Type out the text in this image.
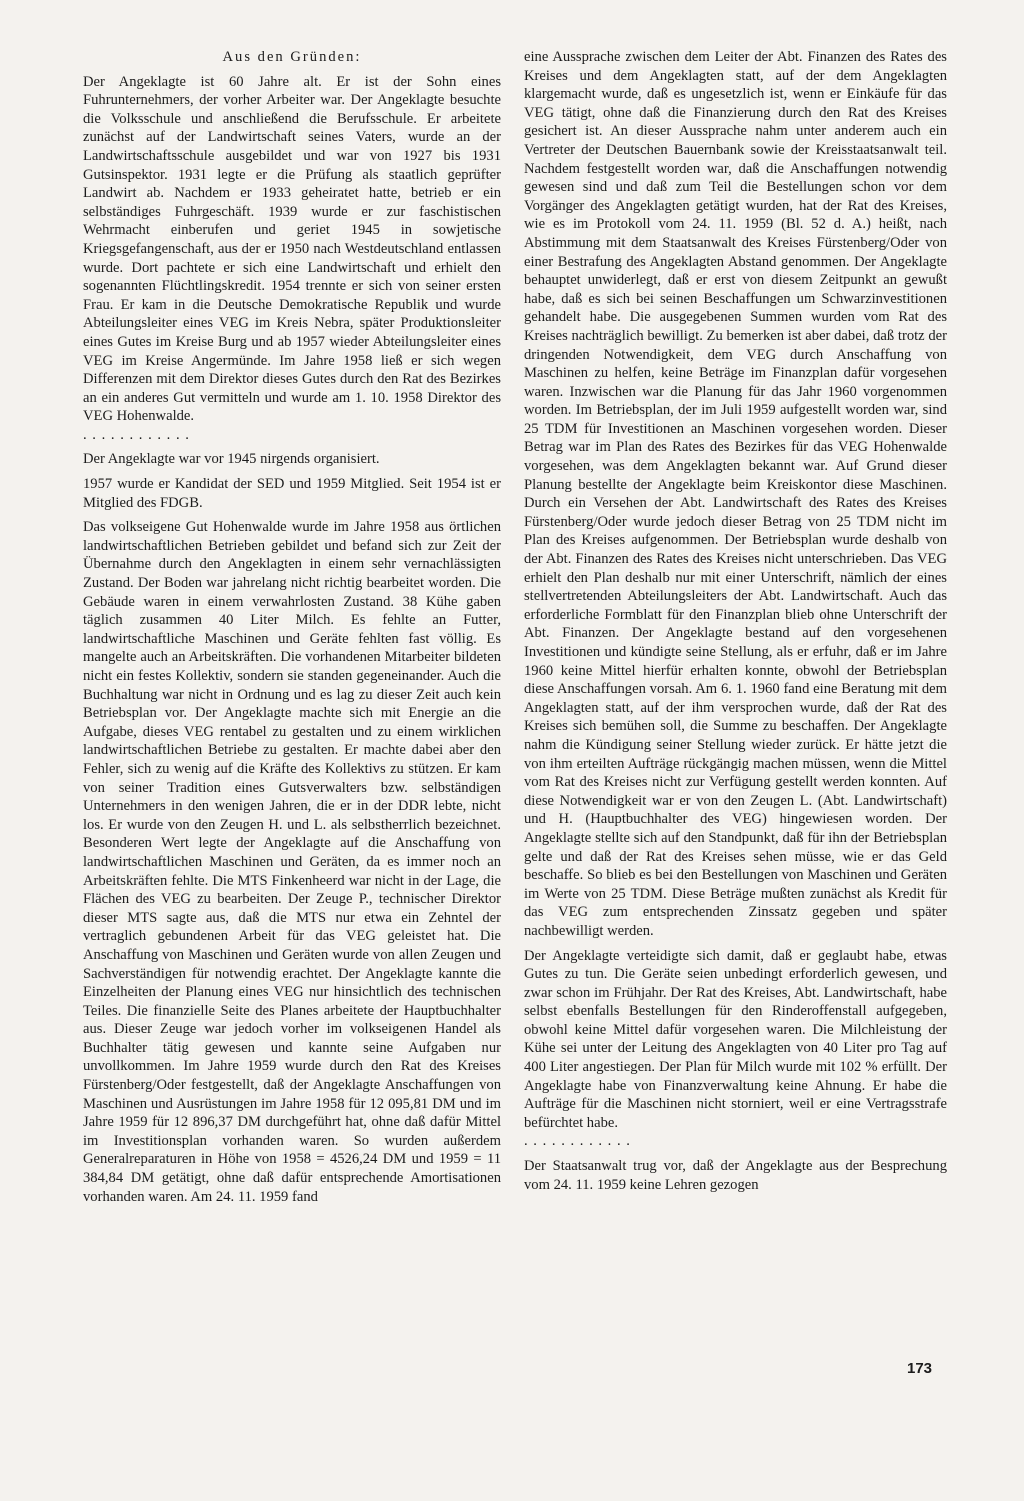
Aus den Gründen:

Der Angeklagte ist 60 Jahre alt. Er ist der Sohn eines Fuhrunternehmers, der vorher Arbeiter war. Der Angeklagte besuchte die Volksschule und anschließend die Berufsschule. Er arbeitete zunächst auf der Landwirtschaft seines Vaters, wurde an der Landwirtschaftsschule ausgebildet und war von 1927 bis 1931 Gutsinspektor. 1931 legte er die Prüfung als staatlich geprüfter Landwirt ab. Nachdem er 1933 geheiratet hatte, betrieb er ein selbständiges Fuhrgeschäft. 1939 wurde er zur faschistischen Wehrmacht einberufen und geriet 1945 in sowjetische Kriegsgefangenschaft, aus der er 1950 nach Westdeutschland entlassen wurde. Dort pachtete er sich eine Landwirtschaft und erhielt den sogenannten Flüchtlingskredit. 1954 trennte er sich von seiner ersten Frau. Er kam in die Deutsche Demokratische Republik und wurde Abteilungsleiter eines VEG im Kreis Nebra, später Produktionsleiter eines Gutes im Kreise Burg und ab 1957 wieder Abteilungsleiter eines VEG im Kreise Angermünde. Im Jahre 1958 ließ er sich wegen Differenzen mit dem Direktor dieses Gutes durch den Rat des Bezirkes an ein anderes Gut vermitteln und wurde am 1. 10. 1958 Direktor des VEG Hohenwalde.

. . . . . . . . . . . .

Der Angeklagte war vor 1945 nirgends organisiert.

1957 wurde er Kandidat der SED und 1959 Mitglied. Seit 1954 ist er Mitglied des FDGB.

Das volkseigene Gut Hohenwalde wurde im Jahre 1958 aus örtlichen landwirtschaftlichen Betrieben gebildet und befand sich zur Zeit der Übernahme durch den Angeklagten in einem sehr vernachlässigten Zustand. Der Boden war jahrelang nicht richtig bearbeitet worden. Die Gebäude waren in einem verwahrlosten Zustand. 38 Kühe gaben täglich zusammen 40 Liter Milch. Es fehlte an Futter, landwirtschaftliche Maschinen und Geräte fehlten fast völlig. Es mangelte auch an Arbeitskräften. Die vorhandenen Mitarbeiter bildeten nicht ein festes Kollektiv, sondern sie standen gegeneinander. Auch die Buchhaltung war nicht in Ordnung und es lag zu dieser Zeit auch kein Betriebsplan vor. Der Angeklagte machte sich mit Energie an die Aufgabe, dieses VEG rentabel zu gestalten und zu einem wirklichen landwirtschaftlichen Betriebe zu gestalten. Er machte dabei aber den Fehler, sich zu wenig auf die Kräfte des Kollektivs zu stützen. Er kam von seiner Tradition eines Gutsverwalters bzw. selbständigen Unternehmers in den wenigen Jahren, die er in der DDR lebte, nicht los. Er wurde von den Zeugen H. und L. als selbstherrlich bezeichnet. Besonderen Wert legte der Angeklagte auf die Anschaffung von landwirtschaftlichen Maschinen und Geräten, da es immer noch an Arbeitskräften fehlte. Die MTS Finkenheerd war nicht in der Lage, die Flächen des VEG zu bearbeiten. Der Zeuge P., technischer Direktor dieser MTS sagte aus, daß die MTS nur etwa ein Zehntel der vertraglich gebundenen Arbeit für das VEG geleistet hat. Die Anschaffung von Maschinen und Geräten wurde von allen Zeugen und Sachverständigen für notwendig erachtet. Der Angeklagte kannte die Einzelheiten der Planung eines VEG nur hinsichtlich des technischen Teiles. Die finanzielle Seite des Planes arbeitete der Hauptbuchhalter aus. Dieser Zeuge war jedoch vorher im volkseigenen Handel als Buchhalter tätig gewesen und kannte seine Aufgaben nur unvollkommen. Im Jahre 1959 wurde durch den Rat des Kreises Fürstenberg/Oder festgestellt, daß der Angeklagte Anschaffungen von Maschinen und Ausrüstungen im Jahre 1958 für 12 095,81 DM und im Jahre 1959 für 12 896,37 DM durchgeführt hat, ohne daß dafür Mittel im Investitionsplan vorhanden waren. So wurden außerdem Generalreparaturen in Höhe von 1958 = 4526,24 DM und 1959 = 11 384,84 DM getätigt, ohne daß dafür entsprechende Amortisationen vorhanden waren. Am 24. 11. 1959 fand

eine Aussprache zwischen dem Leiter der Abt. Finanzen des Rates des Kreises und dem Angeklagten statt, auf der dem Angeklagten klargemacht wurde, daß es ungesetzlich ist, wenn er Einkäufe für das VEG tätigt, ohne daß die Finanzierung durch den Rat des Kreises gesichert ist. An dieser Aussprache nahm unter anderem auch ein Vertreter der Deutschen Bauernbank sowie der Kreisstaatsanwalt teil. Nachdem festgestellt worden war, daß die Anschaffungen notwendig gewesen sind und daß zum Teil die Bestellungen schon vor dem Vorgänger des Angeklagten getätigt wurden, hat der Rat des Kreises, wie es im Protokoll vom 24. 11. 1959 (Bl. 52 d. A.) heißt, nach Abstimmung mit dem Staatsanwalt des Kreises Fürstenberg/Oder von einer Bestrafung des Angeklagten Abstand genommen. Der Angeklagte behauptet unwiderlegt, daß er erst von diesem Zeitpunkt an gewußt habe, daß es sich bei seinen Beschaffungen um Schwarzinvestitionen gehandelt habe. Die ausgegebenen Summen wurden vom Rat des Kreises nachträglich bewilligt. Zu bemerken ist aber dabei, daß trotz der dringenden Notwendigkeit, dem VEG durch Anschaffung von Maschinen zu helfen, keine Beträge im Finanzplan dafür vorgesehen waren. Inzwischen war die Planung für das Jahr 1960 vorgenommen worden. Im Betriebsplan, der im Juli 1959 aufgestellt worden war, sind 25 TDM für Investitionen an Maschinen vorgesehen worden. Dieser Betrag war im Plan des Rates des Bezirkes für das VEG Hohenwalde vorgesehen, was dem Angeklagten bekannt war. Auf Grund dieser Planung bestellte der Angeklagte beim Kreiskontor diese Maschinen. Durch ein Versehen der Abt. Landwirtschaft des Rates des Kreises Fürstenberg/Oder wurde jedoch dieser Betrag von 25 TDM nicht im Plan des Kreises aufgenommen. Der Betriebsplan wurde deshalb von der Abt. Finanzen des Rates des Kreises nicht unterschrieben. Das VEG erhielt den Plan deshalb nur mit einer Unterschrift, nämlich der eines stellvertretenden Abteilungsleiters der Abt. Landwirtschaft. Auch das erforderliche Formblatt für den Finanzplan blieb ohne Unterschrift der Abt. Finanzen. Der Angeklagte bestand auf den vorgesehenen Investitionen und kündigte seine Stellung, als er erfuhr, daß er im Jahre 1960 keine Mittel hierfür erhalten konnte, obwohl der Betriebsplan diese Anschaffungen vorsah. Am 6. 1. 1960 fand eine Beratung mit dem Angeklagten statt, auf der ihm versprochen wurde, daß der Rat des Kreises sich bemühen soll, die Summe zu beschaffen. Der Angeklagte nahm die Kündigung seiner Stellung wieder zurück. Er hätte jetzt die von ihm erteilten Aufträge rückgängig machen müssen, wenn die Mittel vom Rat des Kreises nicht zur Verfügung gestellt werden konnten. Auf diese Notwendigkeit war er von den Zeugen L. (Abt. Landwirtschaft) und H. (Hauptbuchhalter des VEG) hingewiesen worden. Der Angeklagte stellte sich auf den Standpunkt, daß für ihn der Betriebsplan gelte und daß der Rat des Kreises sehen müsse, wie er das Geld beschaffe. So blieb es bei den Bestellungen von Maschinen und Geräten im Werte von 25 TDM. Diese Beträge mußten zunächst als Kredit für das VEG zum entsprechenden Zinssatz gegeben und später nachbewilligt werden.

Der Angeklagte verteidigte sich damit, daß er geglaubt habe, etwas Gutes zu tun. Die Geräte seien unbedingt erforderlich gewesen, und zwar schon im Frühjahr. Der Rat des Kreises, Abt. Landwirtschaft, habe selbst ebenfalls Bestellungen für den Rinderoffenstall aufgegeben, obwohl keine Mittel dafür vorgesehen waren. Die Milchleistung der Kühe sei unter der Leitung des Angeklagten von 40 Liter pro Tag auf 400 Liter angestiegen. Der Plan für Milch wurde mit 102 % erfüllt. Der Angeklagte habe von Finanzverwaltung keine Ahnung. Er habe die Aufträge für die Maschinen nicht storniert, weil er eine Vertragsstrafe befürchtet habe.

. . . . . . . . . . . .

Der Staatsanwalt trug vor, daß der Angeklagte aus der Besprechung vom 24. 11. 1959 keine Lehren gezogen

173
